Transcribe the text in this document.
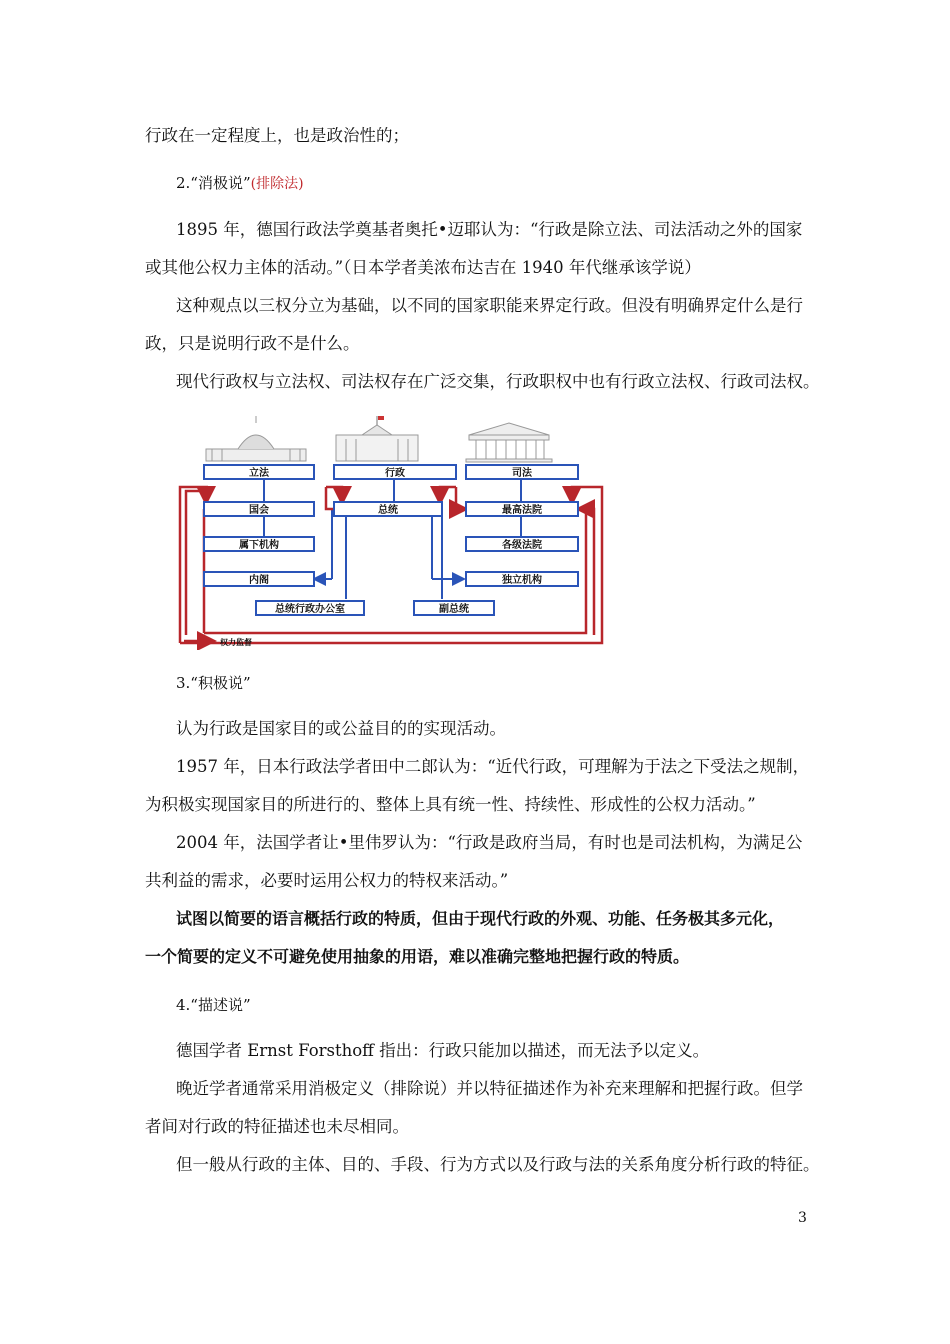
行政在一定程度上，也是政治性的；
2.“消极说”(排除法)
1895 年，德国行政法学奠基者奥托•迈耶认为：“行政是除立法、司法活动之外的国家
或其他公权力主体的活动。”（日本学者美浓布达吉在 1940 年代继承该学说）
这种观点以三权分立为基础，以不同的国家职能来界定行政。但没有明确界定什么是行
政，只是说明行政不是什么。
现代行政权与立法权、司法权存在广泛交集，行政职权中也有行政立法权、行政司法权。
立法	行政	司法
国会	总统	最高法院
属下机构	各级法院
内阁	独立机构
总统行政办公室	副总统
权力监督
3.“积极说”
认为行政是国家目的或公益目的的实现活动。
1957 年，日本行政法学者田中二郎认为：“近代行政，可理解为于法之下受法之规制，
为积极实现国家目的所进行的、整体上具有统一性、持续性、形成性的公权力活动。”
2004 年，法国学者让•里伟罗认为：“行政是政府当局，有时也是司法机构，为满足公
共利益的需求，必要时运用公权力的特权来活动。”
试图以简要的语言概括行政的特质，但由于现代行政的外观、功能、任务极其多元化，
一个简要的定义不可避免使用抽象的用语，难以准确完整地把握行政的特质。
4.“描述说”
德国学者 Ernst Forsthoff 指出：行政只能加以描述，而无法予以定义。
晚近学者通常采用消极定义（排除说）并以特征描述作为补充来理解和把握行政。但学
者间对行政的特征描述也未尽相同。
但一般从行政的主体、目的、手段、行为方式以及行政与法的关系角度分析行政的特征。
3
